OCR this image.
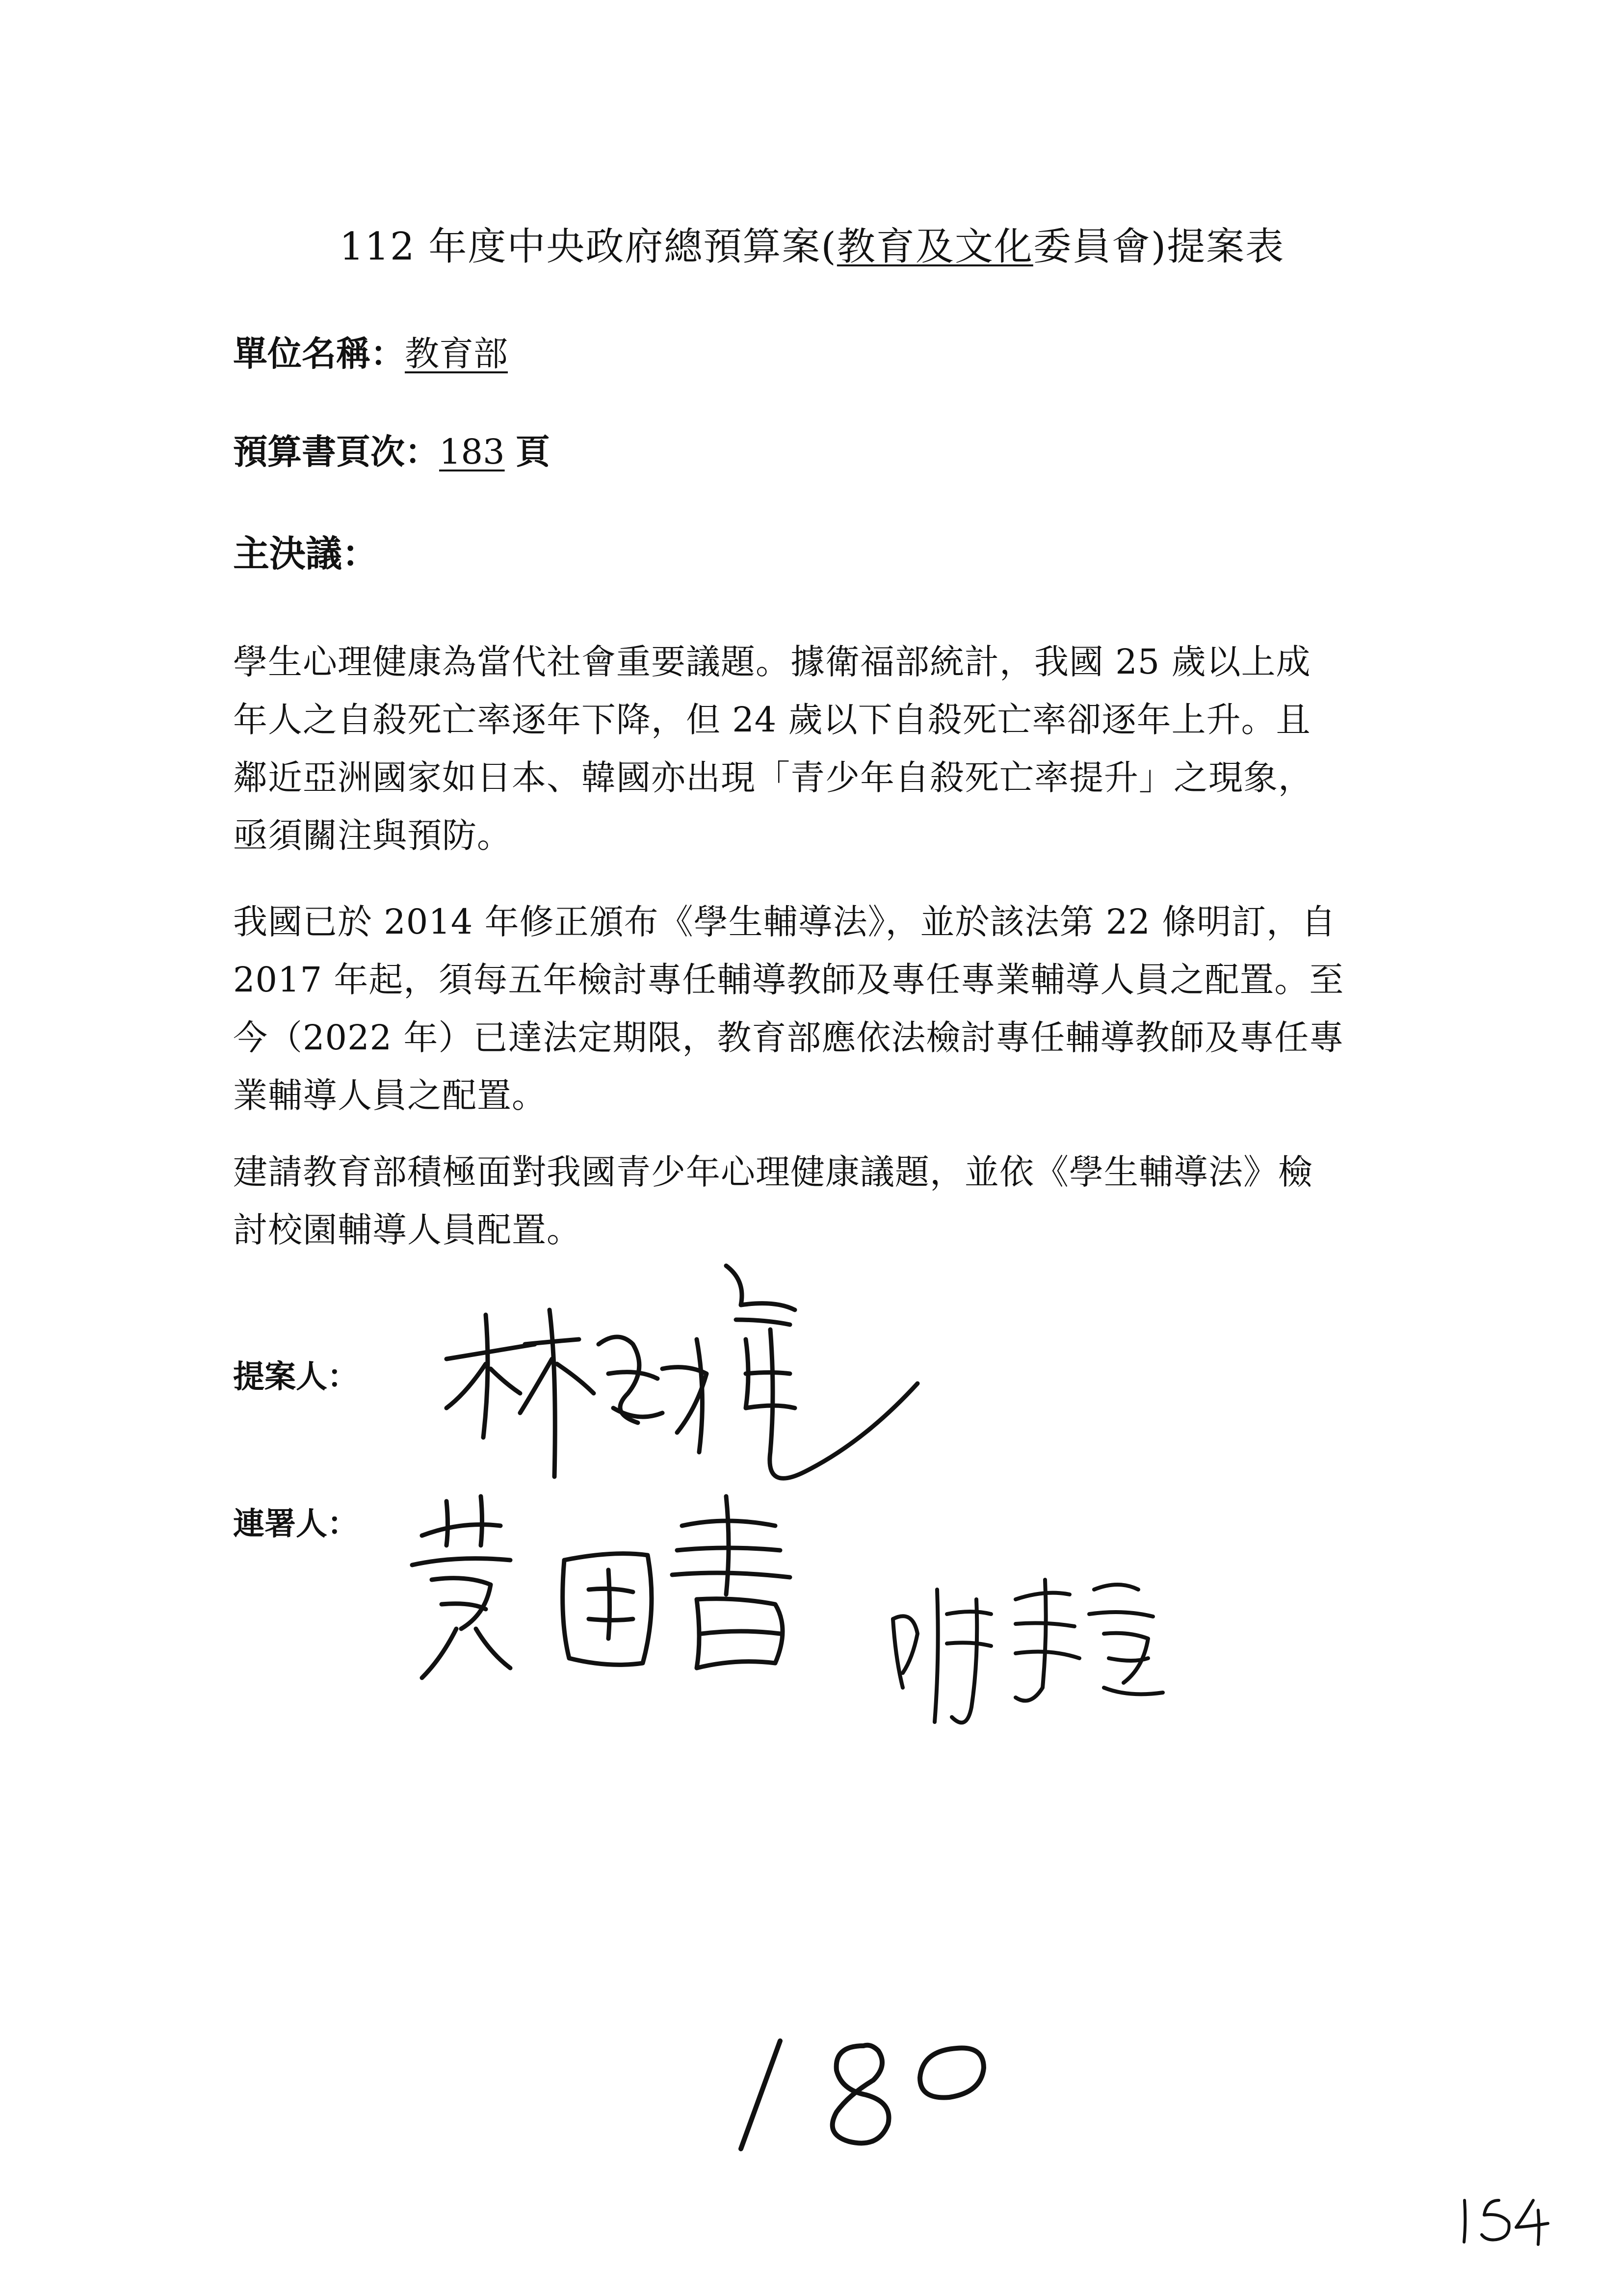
112 年度中央政府總預算案(教育及文化委員會)提案表
單位名稱：教育部
預算書頁次：183 頁
主決議：
學生心理健康為當代社會重要議題。據衛福部統計，我國 25 歲以上成
年人之自殺死亡率逐年下降，但 24 歲以下自殺死亡率卻逐年上升。且
鄰近亞洲國家如日本、韓國亦出現「青少年自殺死亡率提升」之現象，
亟須關注與預防。
我國已於 2014 年修正頒布《學生輔導法》，並於該法第 22 條明訂，自
2017 年起，須每五年檢討專任輔導教師及專任專業輔導人員之配置。至
今（2022 年）已達法定期限，教育部應依法檢討專任輔導教師及專任專
業輔導人員之配置。
建請教育部積極面對我國青少年心理健康議題，並依《學生輔導法》檢
討校園輔導人員配置。
提案人：
連署人：
